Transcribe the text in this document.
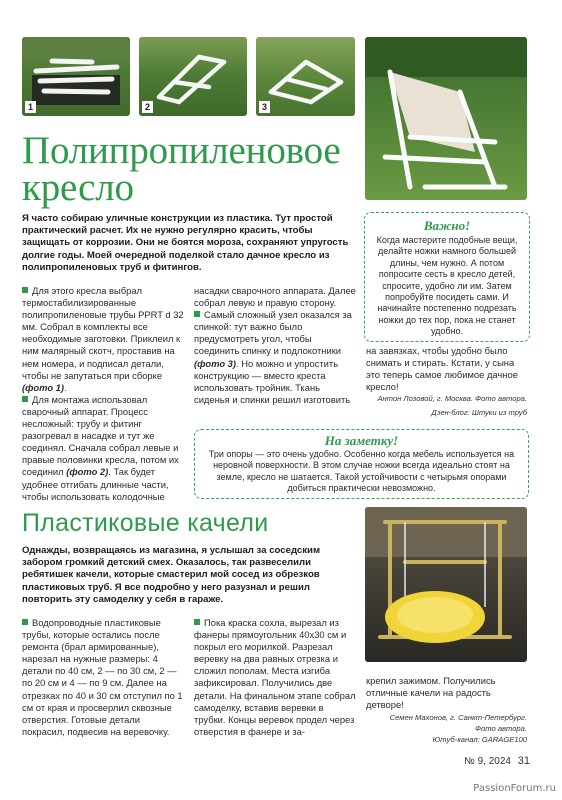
1	2	3
Полипропиленовое
кресло
Я часто собираю уличные конструкции из пластика. Тут простой практический расчет. Их не нужно регулярно красить, чтобы защищать от коррозии. Они не боятся мороза, сохраняют упругость долгие годы. Моей очередной поделкой стало дачное кресло из полипропиленовых труб и фитингов.
Важно!
Когда мастерите подобные вещи, делайте ножки намного большей длины, чем нужно. А потом попросите сесть в кресло детей, спросите, удобно ли им. Затем попробуйте посидеть сами. И начинайте постепенно подрезать ножки до тех пор, пока не станет удобно.

Для этого кресла выбрал термостабилизированные полипропиленовые трубы PPRT d 32 мм. Собрал в комплекты все необходимые заготовки. Приклеил к ним малярный скотч, проставив на нем номера, и подписал детали, чтобы не запутаться при сборке (фото 1).

Для монтажа использовал сварочный аппарат. Процесс несложный: трубу и фитинг разогревал в насадке и тут же соединял. Сначала собрал левые и правые половинки кресла, потом их соединил (фото 2). Так будет удобнее отгибать длинные части, чтобы использовать колодочные

насадки сварочного аппарата. Далее собрал левую и правую сторону.

Самый сложный узел оказался за спинкой: тут важно было предусмотреть угол, чтобы соединить спинку и подлокотники (фото 3). Но можно и упростить конструкцию — вместо креста использовать тройник. Ткань сиденья и спинки решил изготовить

на завязках, чтобы удобно было снимать и стирать. Кстати, у сына это теперь самое любимое дачное кресло!
Антон Лозовой, г. Москва. Фото автора.
Дзен-блог: Штуки из труб
На заметку!
Три опоры — это очень удобно. Особенно когда мебель используется на неровной поверхности. В этом случае ножки всегда идеально стоят на земле, кресло не шатается. Такой устойчивости с четырьмя опорами добиться практически невозможно.
Пластиковые качели
Однажды, возвращаясь из магазина, я услышал за соседским забором громкий детский смех. Оказалось, так развеселили ребятишек качели, которые смастерил мой сосед из обрезков пластиковых труб. Я все подробно у него разузнал и решил повторить эту самоделку у себя в гараже.

Водопроводные пластиковые трубы, которые остались после ремонта (брал армированные), нарезал на нужные размеры: 4 детали по 40 см, 2 — по 30 см, 2 — по 20 см и 4 — по 9 см. Далее на отрезках по 40 и 30 см отступил по 1 см от края и просверлил сквозные отверстия. Готовые детали покрасил, подвесив на веревочку.

Пока краска сохла, вырезал из фанеры прямоугольник 40х30 см и покрыл его морилкой. Разрезал веревку на два равных отрезка и сложил пополам. Места изгиба зафиксировал. Получились две детали. На финальном этапе собрал самоделку, вставив веревки в трубки. Концы веревок продел через отверстия в фанере и за-

крепил зажимом. Получились отличные качели на радость детворе!
Семен Махонов, г. Санкт-Петербург.
Фото автора.
Ютуб-канал: GARAGE100
№ 9, 2024 31
PassionForum.ru
